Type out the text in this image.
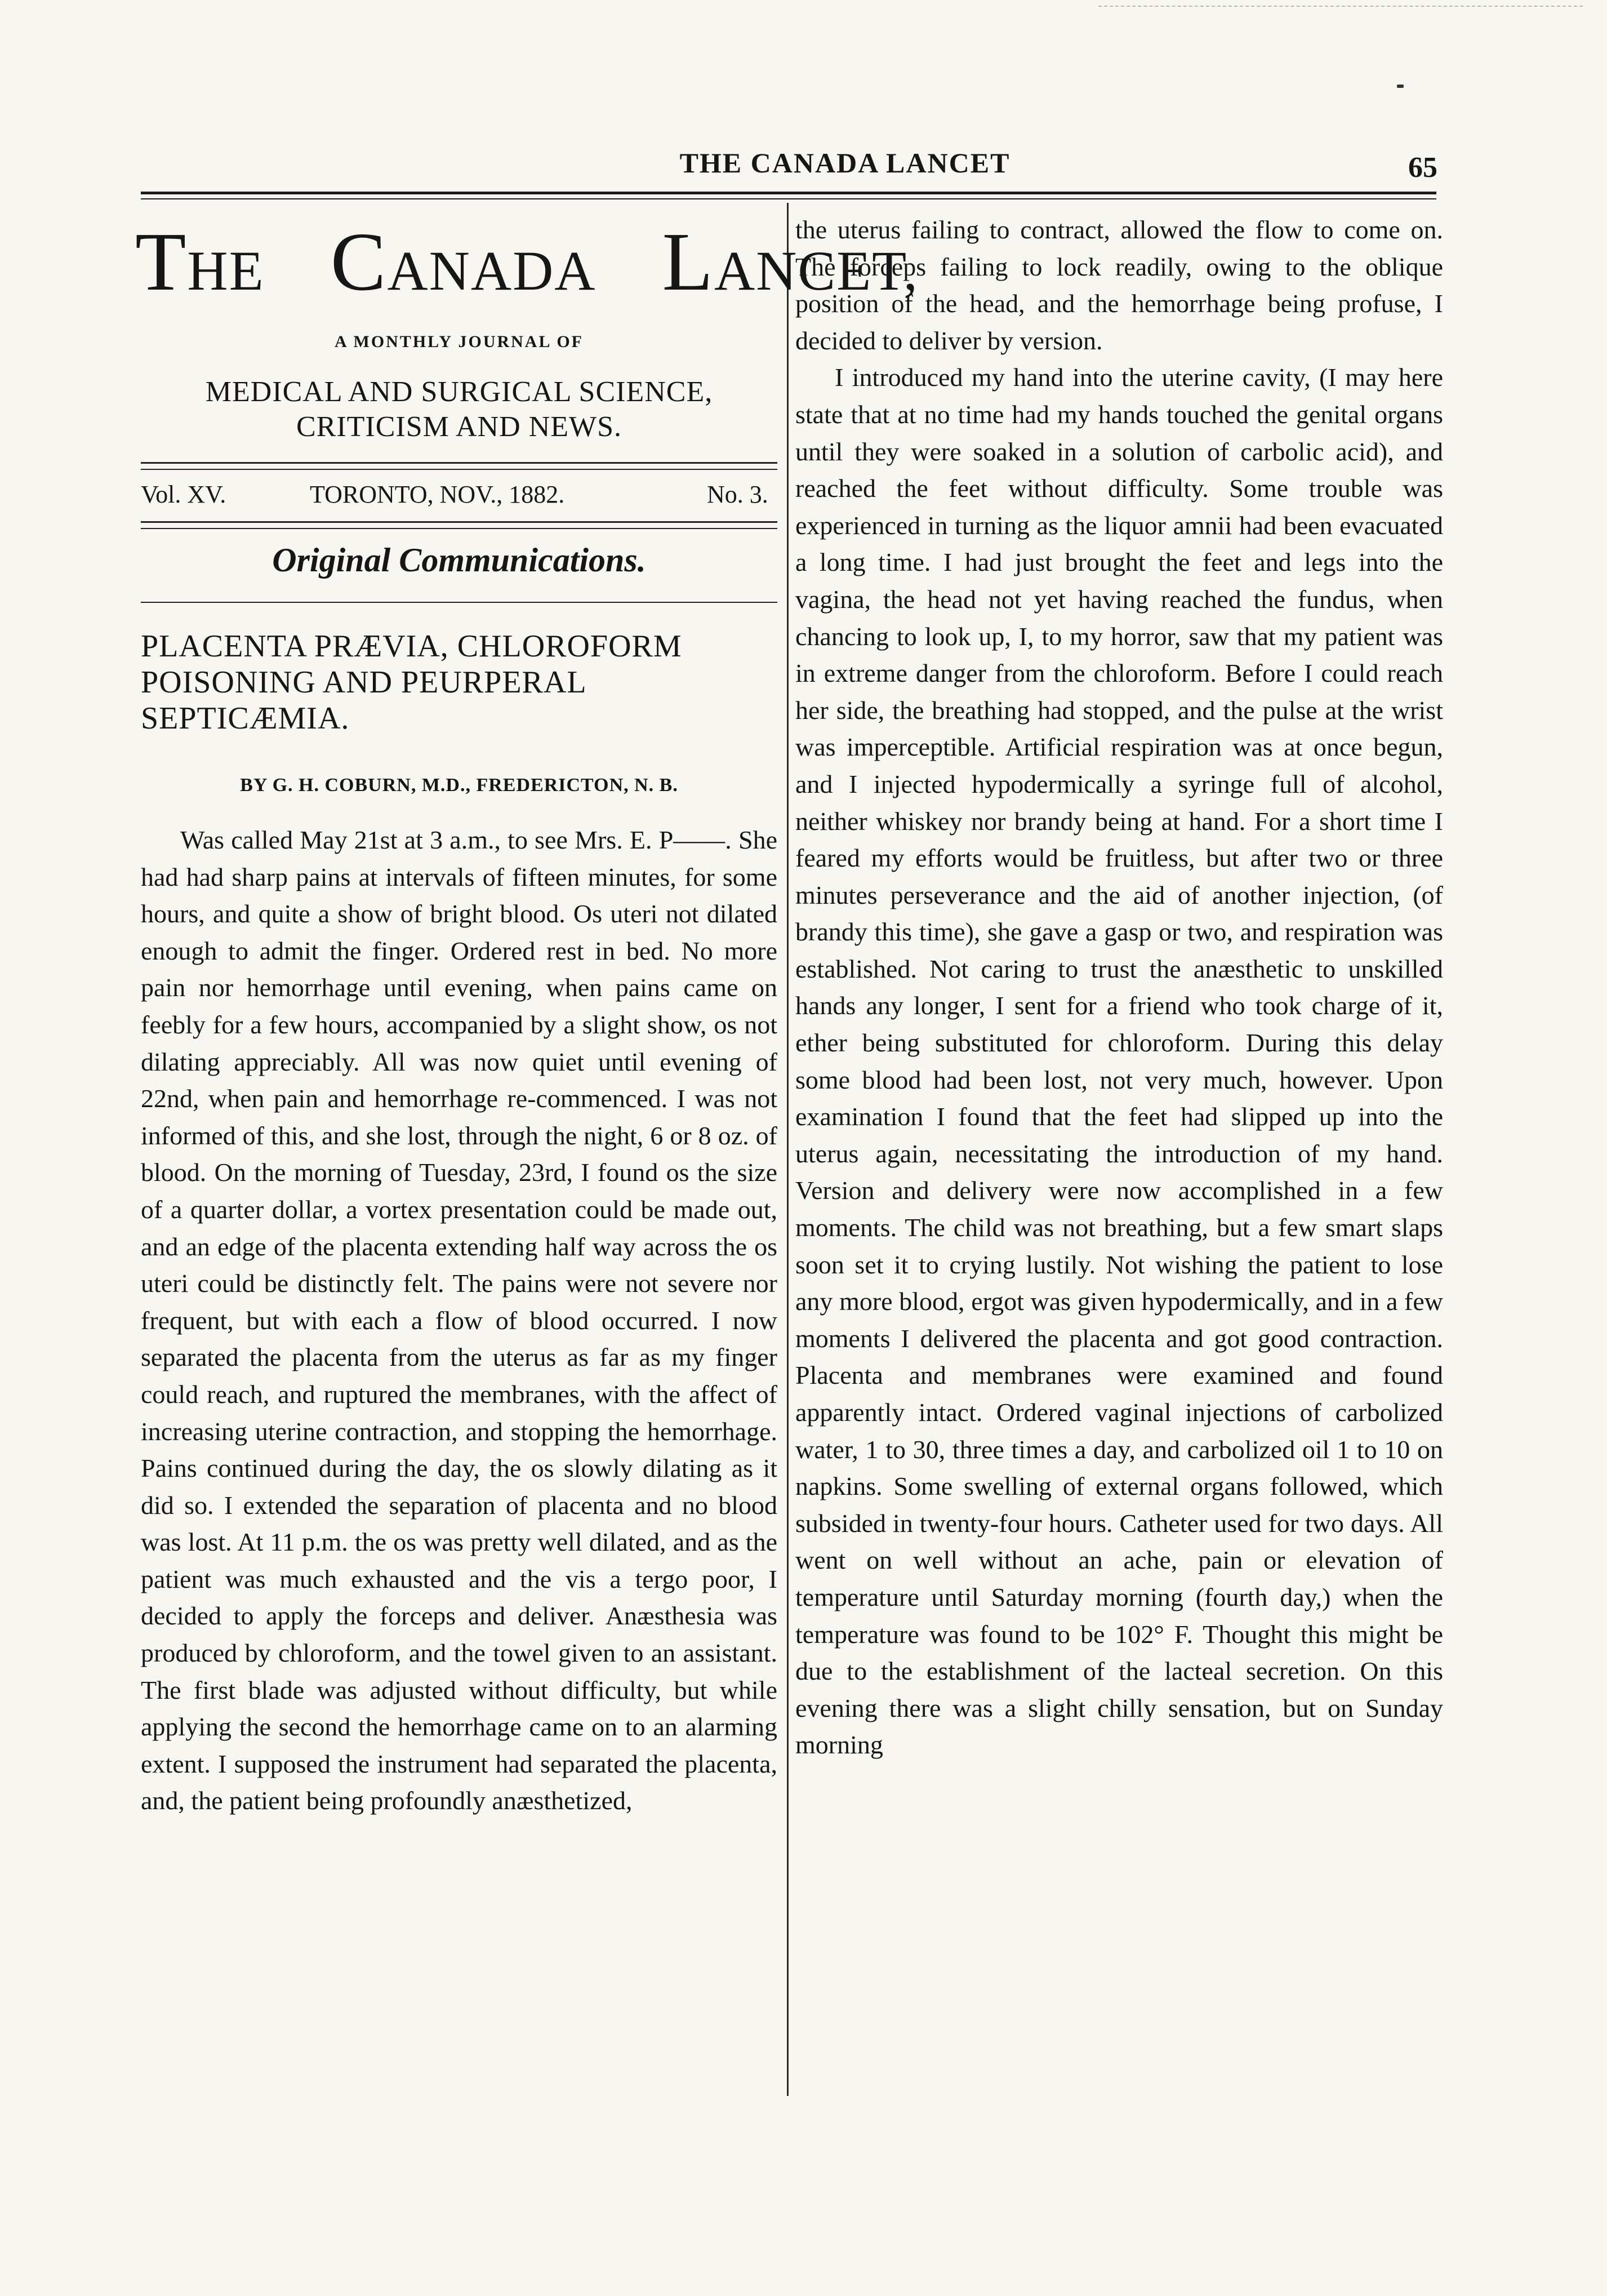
THE CANADA LANCET	65
THE CANADA LANCET,
A MONTHLY JOURNAL OF
MEDICAL AND SURGICAL SCIENCE,
CRITICISM AND NEWS.
Vol. XV.	TORONTO, NOV., 1882.	No. 3.
Original Communications.
PLACENTA PRÆVIA, CHLOROFORM POISONING AND PEURPERAL SEPTICÆMIA.
BY G. H. COBURN, M.D., FREDERICTON, N. B.

Was called May 21st at 3 a.m., to see Mrs. E. P——. She had had sharp pains at intervals of fifteen minutes, for some hours, and quite a show of bright blood. Os uteri not dilated enough to admit the finger. Ordered rest in bed. No more pain nor hemorrhage until evening, when pains came on feebly for a few hours, accompanied by a slight show, os not dilating appreciably. All was now quiet until evening of 22nd, when pain and hemorrhage re-commenced. I was not informed of this, and she lost, through the night, 6 or 8 oz. of blood. On the morning of Tuesday, 23rd, I found os the size of a quarter dollar, a vortex presentation could be made out, and an edge of the placenta extending half way across the os uteri could be distinctly felt. The pains were not severe nor frequent, but with each a flow of blood occurred. I now separated the placenta from the uterus as far as my finger could reach, and ruptured the membranes, with the affect of increasing uterine contraction, and stopping the hemorrhage. Pains continued during the day, the os slowly dilating as it did so. I extended the separation of placenta and no blood was lost. At 11 p.m. the os was pretty well dilated, and as the patient was much exhausted and the vis a tergo poor, I decided to apply the forceps and deliver. Anæsthesia was produced by chloroform, and the towel given to an assistant. The first blade was adjusted without difficulty, but while applying the second the hemorrhage came on to an alarming extent. I supposed the instrument had separated the placenta, and, the patient being profoundly anæsthetized,

the uterus failing to contract, allowed the flow to come on. The forceps failing to lock readily, owing to the oblique position of the head, and the hemorrhage being profuse, I decided to deliver by version.

I introduced my hand into the uterine cavity, (I may here state that at no time had my hands touched the genital organs until they were soaked in a solution of carbolic acid), and reached the feet without difficulty. Some trouble was experienced in turning as the liquor amnii had been evacuated a long time. I had just brought the feet and legs into the vagina, the head not yet having reached the fundus, when chancing to look up, I, to my horror, saw that my patient was in extreme danger from the chloroform. Before I could reach her side, the breathing had stopped, and the pulse at the wrist was imperceptible. Artificial respiration was at once begun, and I injected hypodermically a syringe full of alcohol, neither whiskey nor brandy being at hand. For a short time I feared my efforts would be fruitless, but after two or three minutes perseverance and the aid of another injection, (of brandy this time), she gave a gasp or two, and respiration was established. Not caring to trust the anæsthetic to unskilled hands any longer, I sent for a friend who took charge of it, ether being substituted for chloroform. During this delay some blood had been lost, not very much, however. Upon examination I found that the feet had slipped up into the uterus again, necessitating the introduction of my hand. Version and delivery were now accomplished in a few moments. The child was not breathing, but a few smart slaps soon set it to crying lustily. Not wishing the patient to lose any more blood, ergot was given hypodermically, and in a few moments I delivered the placenta and got good contraction. Placenta and membranes were examined and found apparently intact. Ordered vaginal injections of carbolized water, 1 to 30, three times a day, and carbolized oil 1 to 10 on napkins. Some swelling of external organs followed, which subsided in twenty-four hours. Catheter used for two days. All went on well without an ache, pain or elevation of temperature until Saturday morning (fourth day,) when the temperature was found to be 102° F. Thought this might be due to the establishment of the lacteal secretion. On this evening there was a slight chilly sensation, but on Sunday morning
